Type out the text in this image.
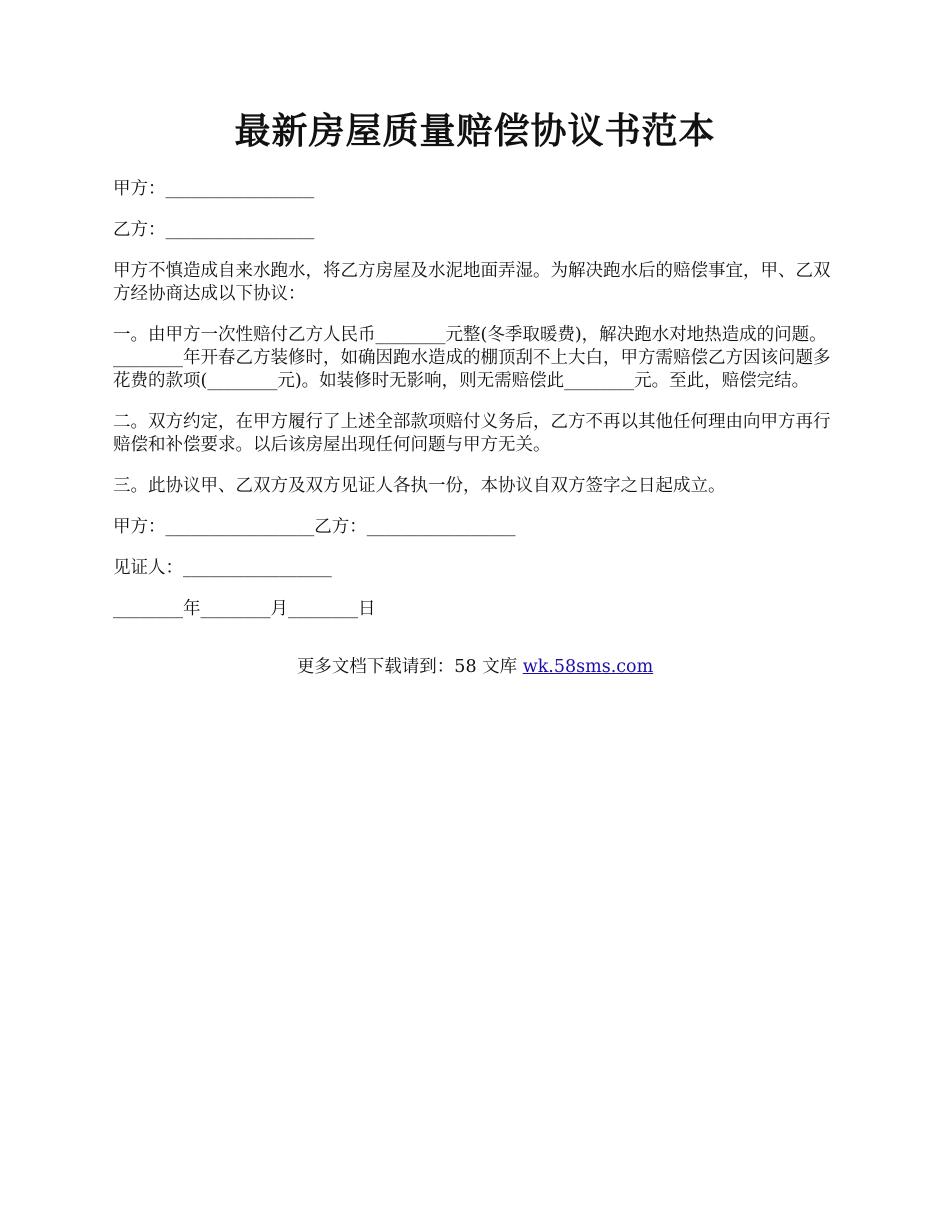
最新房屋质量赔偿协议书范本

甲方：_________________

乙方：_________________

甲方不慎造成自来水跑水，将乙方房屋及水泥地面弄湿。为解决跑水后的赔偿事宜，甲、乙双方经协商达成以下协议：

一。由甲方一次性赔付乙方人民币________元整(冬季取暖费)，解决跑水对地热造成的问题。________年开春乙方装修时，如确因跑水造成的棚顶刮不上大白，甲方需赔偿乙方因该问题多花费的款项(________元)。如装修时无影响，则无需赔偿此________元。至此，赔偿完结。

二。双方约定，在甲方履行了上述全部款项赔付义务后，乙方不再以其他任何理由向甲方再行赔偿和补偿要求。以后该房屋出现任何问题与甲方无关。

三。此协议甲、乙双方及双方见证人各执一份，本协议自双方签字之日起成立。

甲方：_________________乙方：_________________

见证人：_________________

________年________月________日

更多文档下载请到：58 文库 wk.58sms.com
